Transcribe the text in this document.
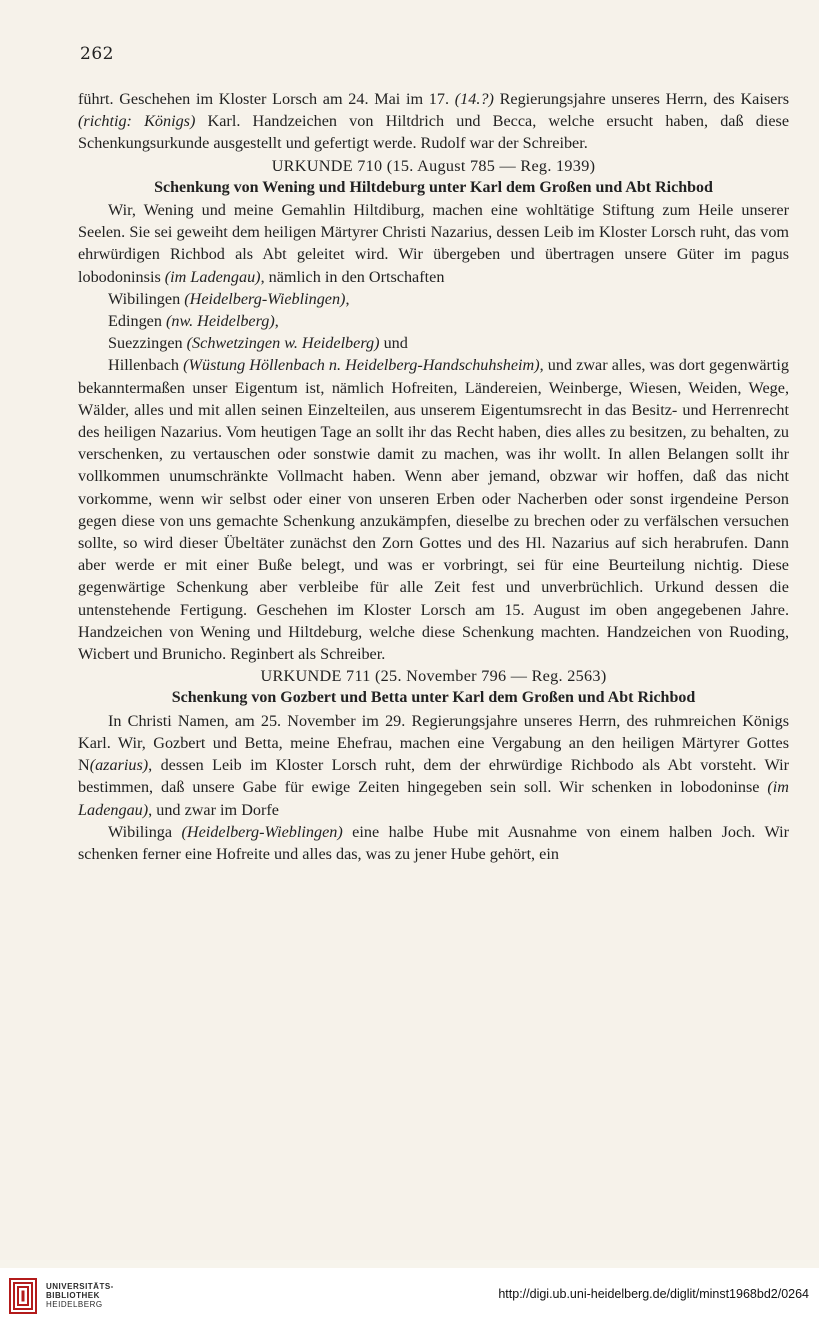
262

führt. Geschehen im Kloster Lorsch am 24. Mai im 17. (14.?) Regierungsjahre unseres Herrn, des Kaisers (richtig: Königs) Karl. Handzeichen von Hiltdrich und Becca, welche ersucht haben, daß diese Schenkungsurkunde ausgestellt und gefertigt werde. Rudolf war der Schreiber.

URKUNDE 710 (15. August 785 — Reg. 1939)

Schenkung von Wening und Hiltdeburg unter Karl dem Großen und Abt Richbod

Wir, Wening und meine Gemahlin Hiltdiburg, machen eine wohltätige Stiftung zum Heile unserer Seelen. Sie sei geweiht dem heiligen Märtyrer Christi Nazarius, dessen Leib im Kloster Lorsch ruht, das vom ehrwürdigen Richbod als Abt geleitet wird. Wir übergeben und übertragen unsere Güter im pagus lobodoninsis (im Ladengau), nämlich in den Ortschaften

Wibilingen (Heidelberg-Wieblingen),

Edingen (nw. Heidelberg),

Suezzingen (Schwetzingen w. Heidelberg) und

Hillenbach (Wüstung Höllenbach n. Heidelberg-Handschuhsheim), und zwar alles, was dort gegenwärtig bekanntermaßen unser Eigentum ist, nämlich Hofreiten, Ländereien, Weinberge, Wiesen, Weiden, Wege, Wälder, alles und mit allen seinen Einzelteilen, aus unserem Eigentumsrecht in das Besitz- und Herrenrecht des heiligen Nazarius. Vom heutigen Tage an sollt ihr das Recht haben, dies alles zu besitzen, zu behalten, zu verschenken, zu vertauschen oder sonstwie damit zu machen, was ihr wollt. In allen Belangen sollt ihr vollkommen unumschränkte Vollmacht haben. Wenn aber jemand, obzwar wir hoffen, daß das nicht vorkomme, wenn wir selbst oder einer von unseren Erben oder Nacherben oder sonst irgendeine Person gegen diese von uns gemachte Schenkung anzukämpfen, dieselbe zu brechen oder zu verfälschen versuchen sollte, so wird dieser Übeltäter zunächst den Zorn Gottes und des Hl. Nazarius auf sich herabrufen. Dann aber werde er mit einer Buße belegt, und was er vorbringt, sei für eine Beurteilung nichtig. Diese gegenwärtige Schenkung aber verbleibe für alle Zeit fest und unverbrüchlich. Urkund dessen die untenstehende Fertigung. Geschehen im Kloster Lorsch am 15. August im oben angegebenen Jahre. Handzeichen von Wening und Hiltdeburg, welche diese Schenkung machten. Handzeichen von Ruoding, Wicbert und Brunicho. Reginbert als Schreiber.

URKUNDE 711 (25. November 796 — Reg. 2563)

Schenkung von Gozbert und Betta unter Karl dem Großen und Abt Richbod

In Christi Namen, am 25. November im 29. Regierungsjahre unseres Herrn, des ruhmreichen Königs Karl. Wir, Gozbert und Betta, meine Ehefrau, machen eine Vergabung an den heiligen Märtyrer Gottes N(azarius), dessen Leib im Kloster Lorsch ruht, dem der ehrwürdige Richbodo als Abt vorsteht. Wir bestimmen, daß unsere Gabe für ewige Zeiten hingegeben sein soll. Wir schenken in lobodoninse (im Ladengau), und zwar im Dorfe

Wibilinga (Heidelberg-Wieblingen) eine halbe Hube mit Ausnahme von einem halben Joch. Wir schenken ferner eine Hofreite und alles das, was zu jener Hube gehört, ein

UNIVERSITÄTS-
BIBLIOTHEK
HEIDELBERG
http://digi.ub.uni-heidelberg.de/diglit/minst1968bd2/0264
